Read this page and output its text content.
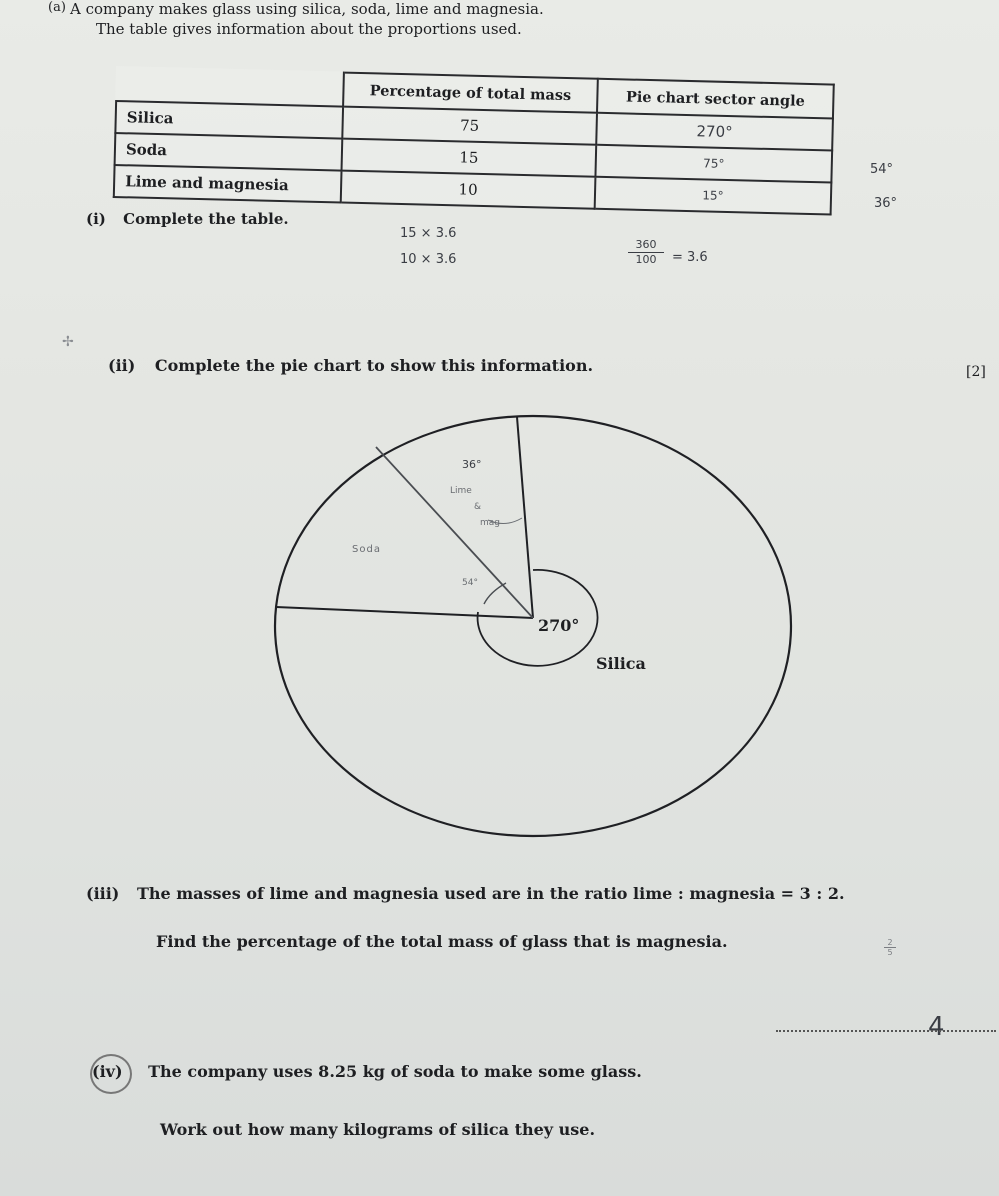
(a) A company makes glass using silica, soda, lime and magnesia.
The table gives information about the proportions used.
	Percentage of total mass	Pie chart sector angle
Silica	75	270°
Soda	15	75°
Lime and magnesia	10	15°
54°
36°
(i) Complete the table.
15 × 3.6
10 × 3.6	$\frac{360}{100} = 3.6$
✢
(ii) Complete the pie chart to show this information.	[2]
270°
Silica
36°
Lime
&
mag
Soda
54°
(iii) The masses of lime and magnesia used are in the ratio lime : magnesia = 3 : 2.
Find the percentage of the total mass of glass that is magnesia.	$\frac{2}{5}$
4
(iv) The company uses 8.25 kg of soda to make some glass.
Work out how many kilograms of silica they use.
